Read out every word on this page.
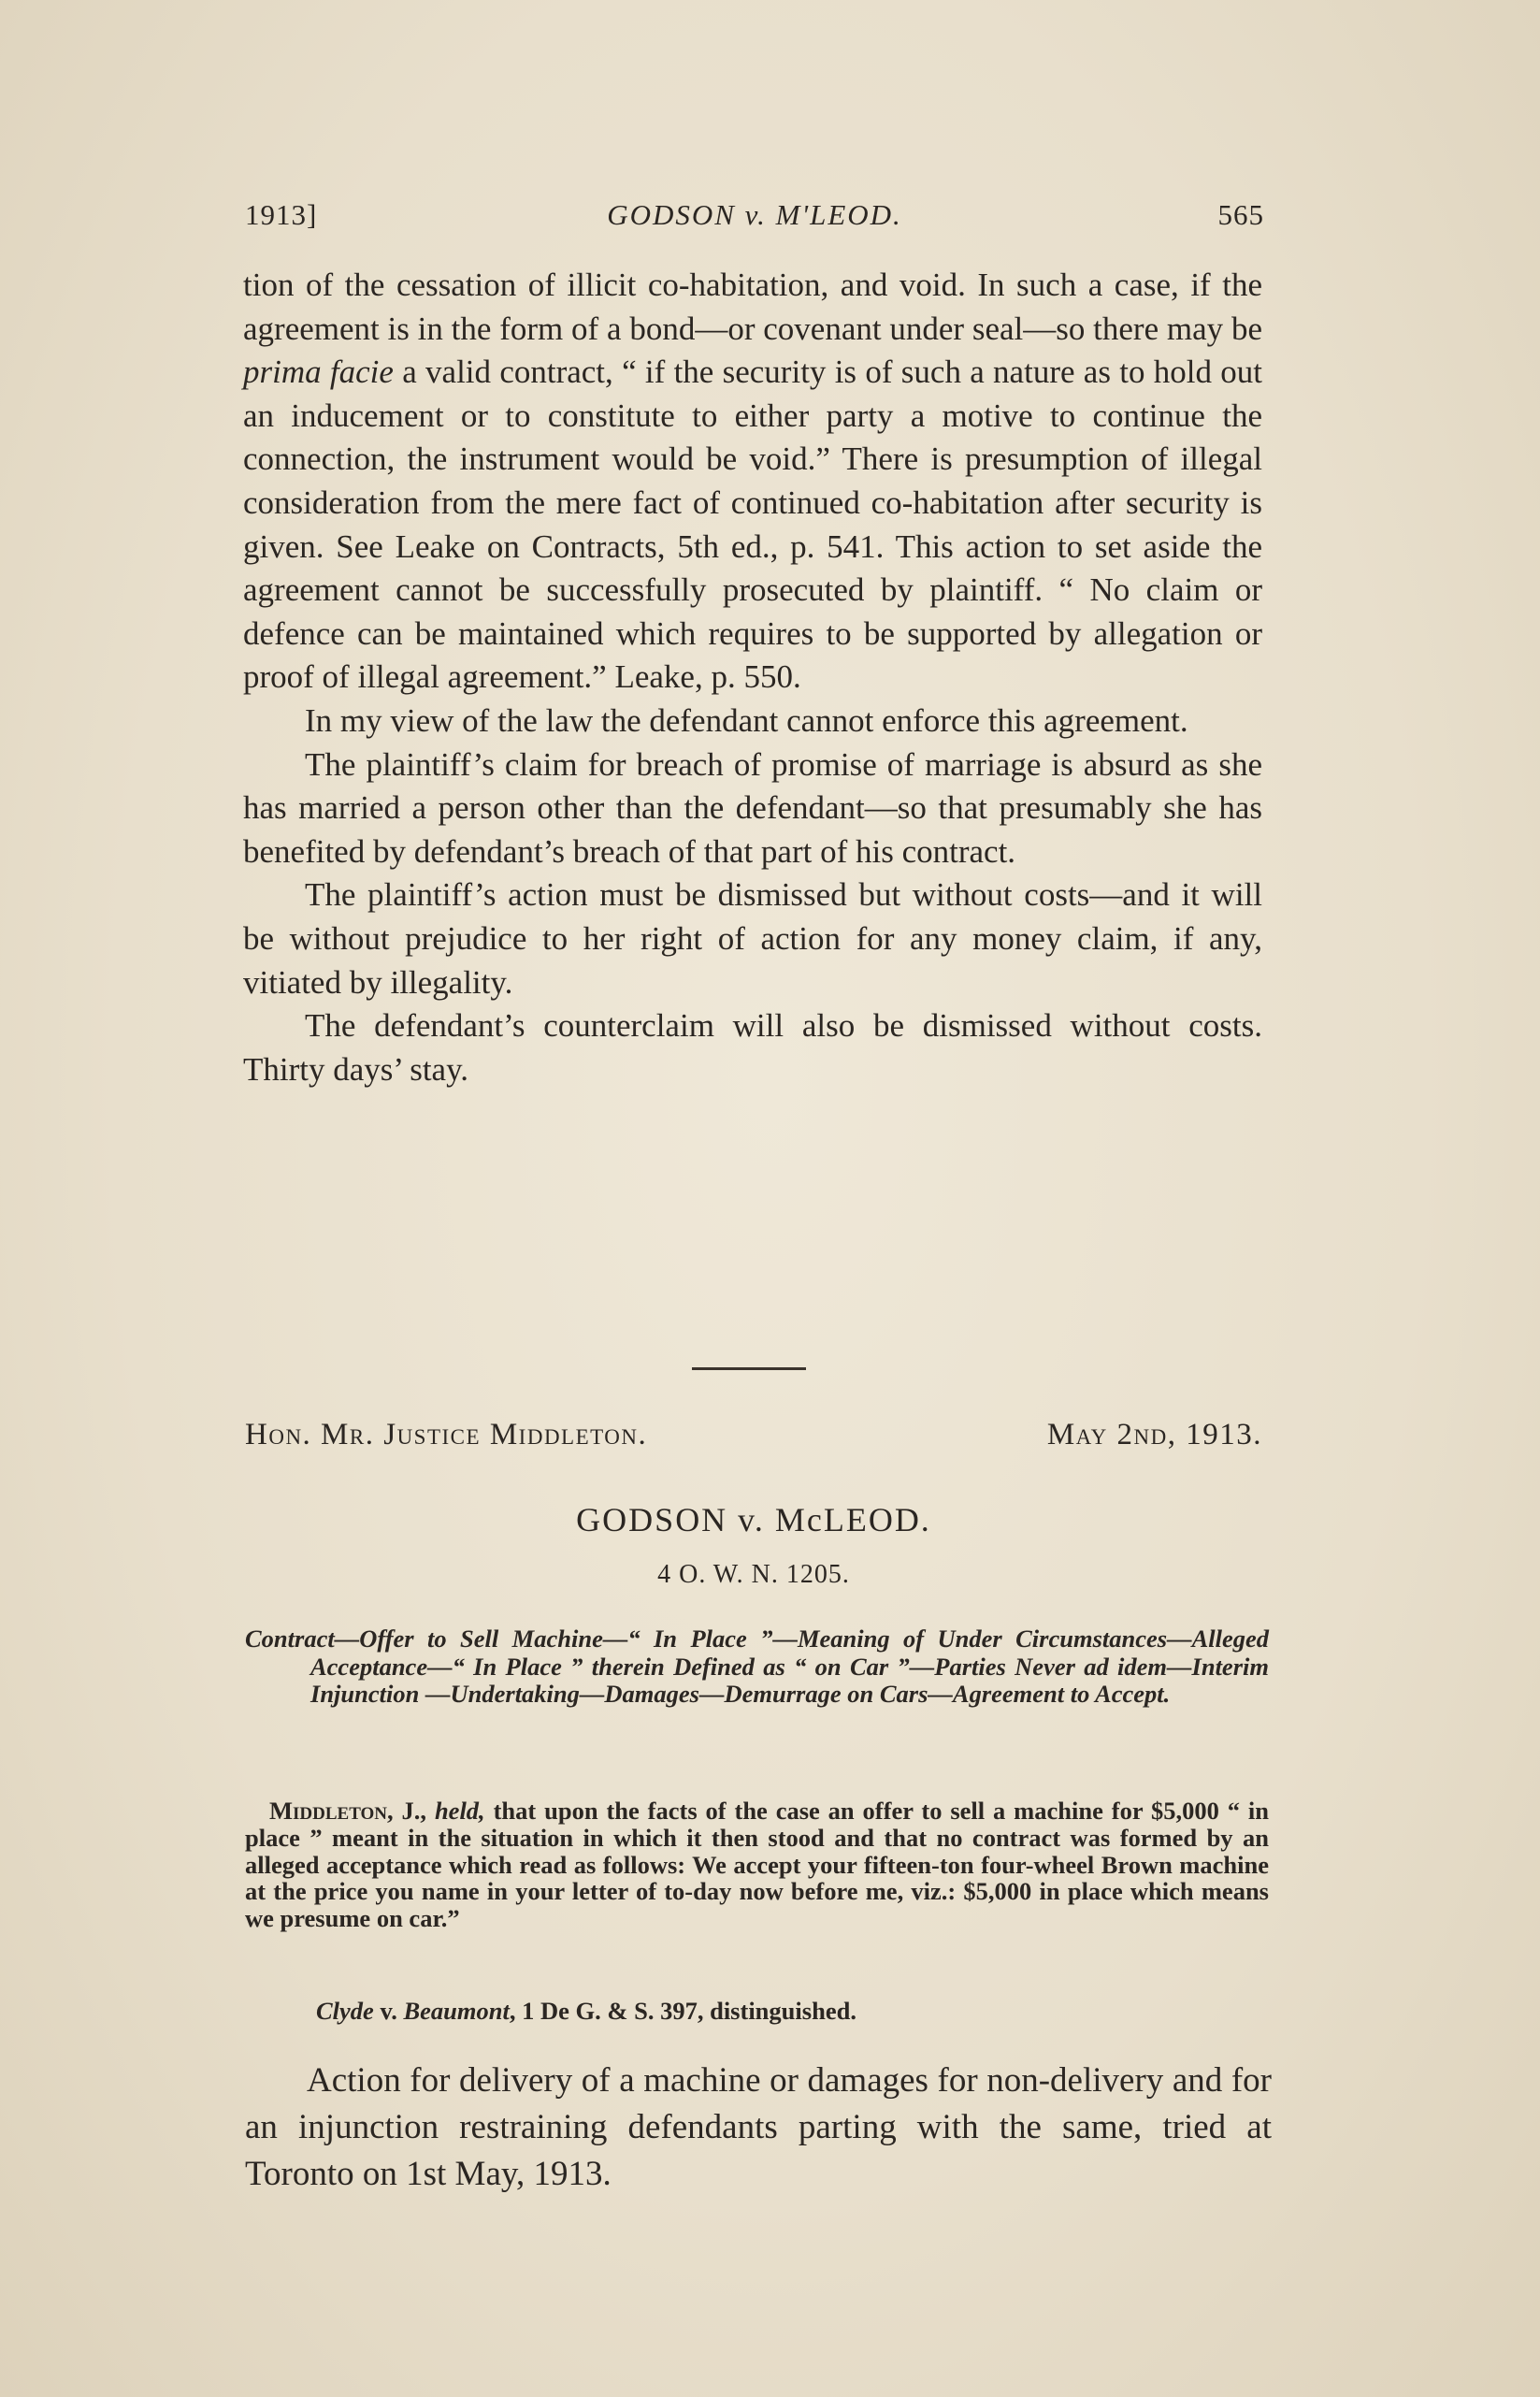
1913]	GODSON v. M'LEOD.	565

tion of the cessation of illicit co-habitation, and void. In such a case, if the agreement is in the form of a bond—or covenant under seal—so there may be prima facie a valid contract, “ if the security is of such a nature as to hold out an inducement or to constitute to either party a motive to continue the connection, the instrument would be void.” There is presumption of illegal consideration from the mere fact of continued co-habitation after security is given. See Leake on Contracts, 5th ed., p. 541. This action to set aside the agreement cannot be successfully prosecuted by plaintiff. “ No claim or defence can be maintained which requires to be supported by allegation or proof of illegal agreement.” Leake, p. 550.

In my view of the law the defendant cannot enforce this agreement.

The plaintiff’s claim for breach of promise of marriage is absurd as she has married a person other than the defendant—so that presumably she has benefited by defendant’s breach of that part of his contract.

The plaintiff’s action must be dismissed but without costs—and it will be without prejudice to her right of action for any money claim, if any, vitiated by illegality.

The defendant’s counterclaim will also be dismissed without costs. Thirty days’ stay.

Hon. Mr. Justice Middleton.	May 2nd, 1913.
GODSON v. McLEOD.
4 O. W. N. 1205.
Contract—Offer to Sell Machine—“ In Place ”—Meaning of Under Circumstances—Alleged Acceptance—“ In Place ” therein Defined as “ on Car ”—Parties Never ad idem—Interim Injunction —Undertaking—Damages—Demurrage on Cars—Agreement to Accept.
Middleton, J., held, that upon the facts of the case an offer to sell a machine for $5,000 “ in place ” meant in the situation in which it then stood and that no contract was formed by an alleged acceptance which read as follows: We accept your fifteen-ton four-wheel Brown machine at the price you name in your letter of to-day now before me, viz.: $5,000 in place which means we presume on car.”
Clyde v. Beaumont, 1 De G. & S. 397, distinguished.
Action for delivery of a machine or damages for non-delivery and for an injunction restraining defendants parting with the same, tried at Toronto on 1st May, 1913.
